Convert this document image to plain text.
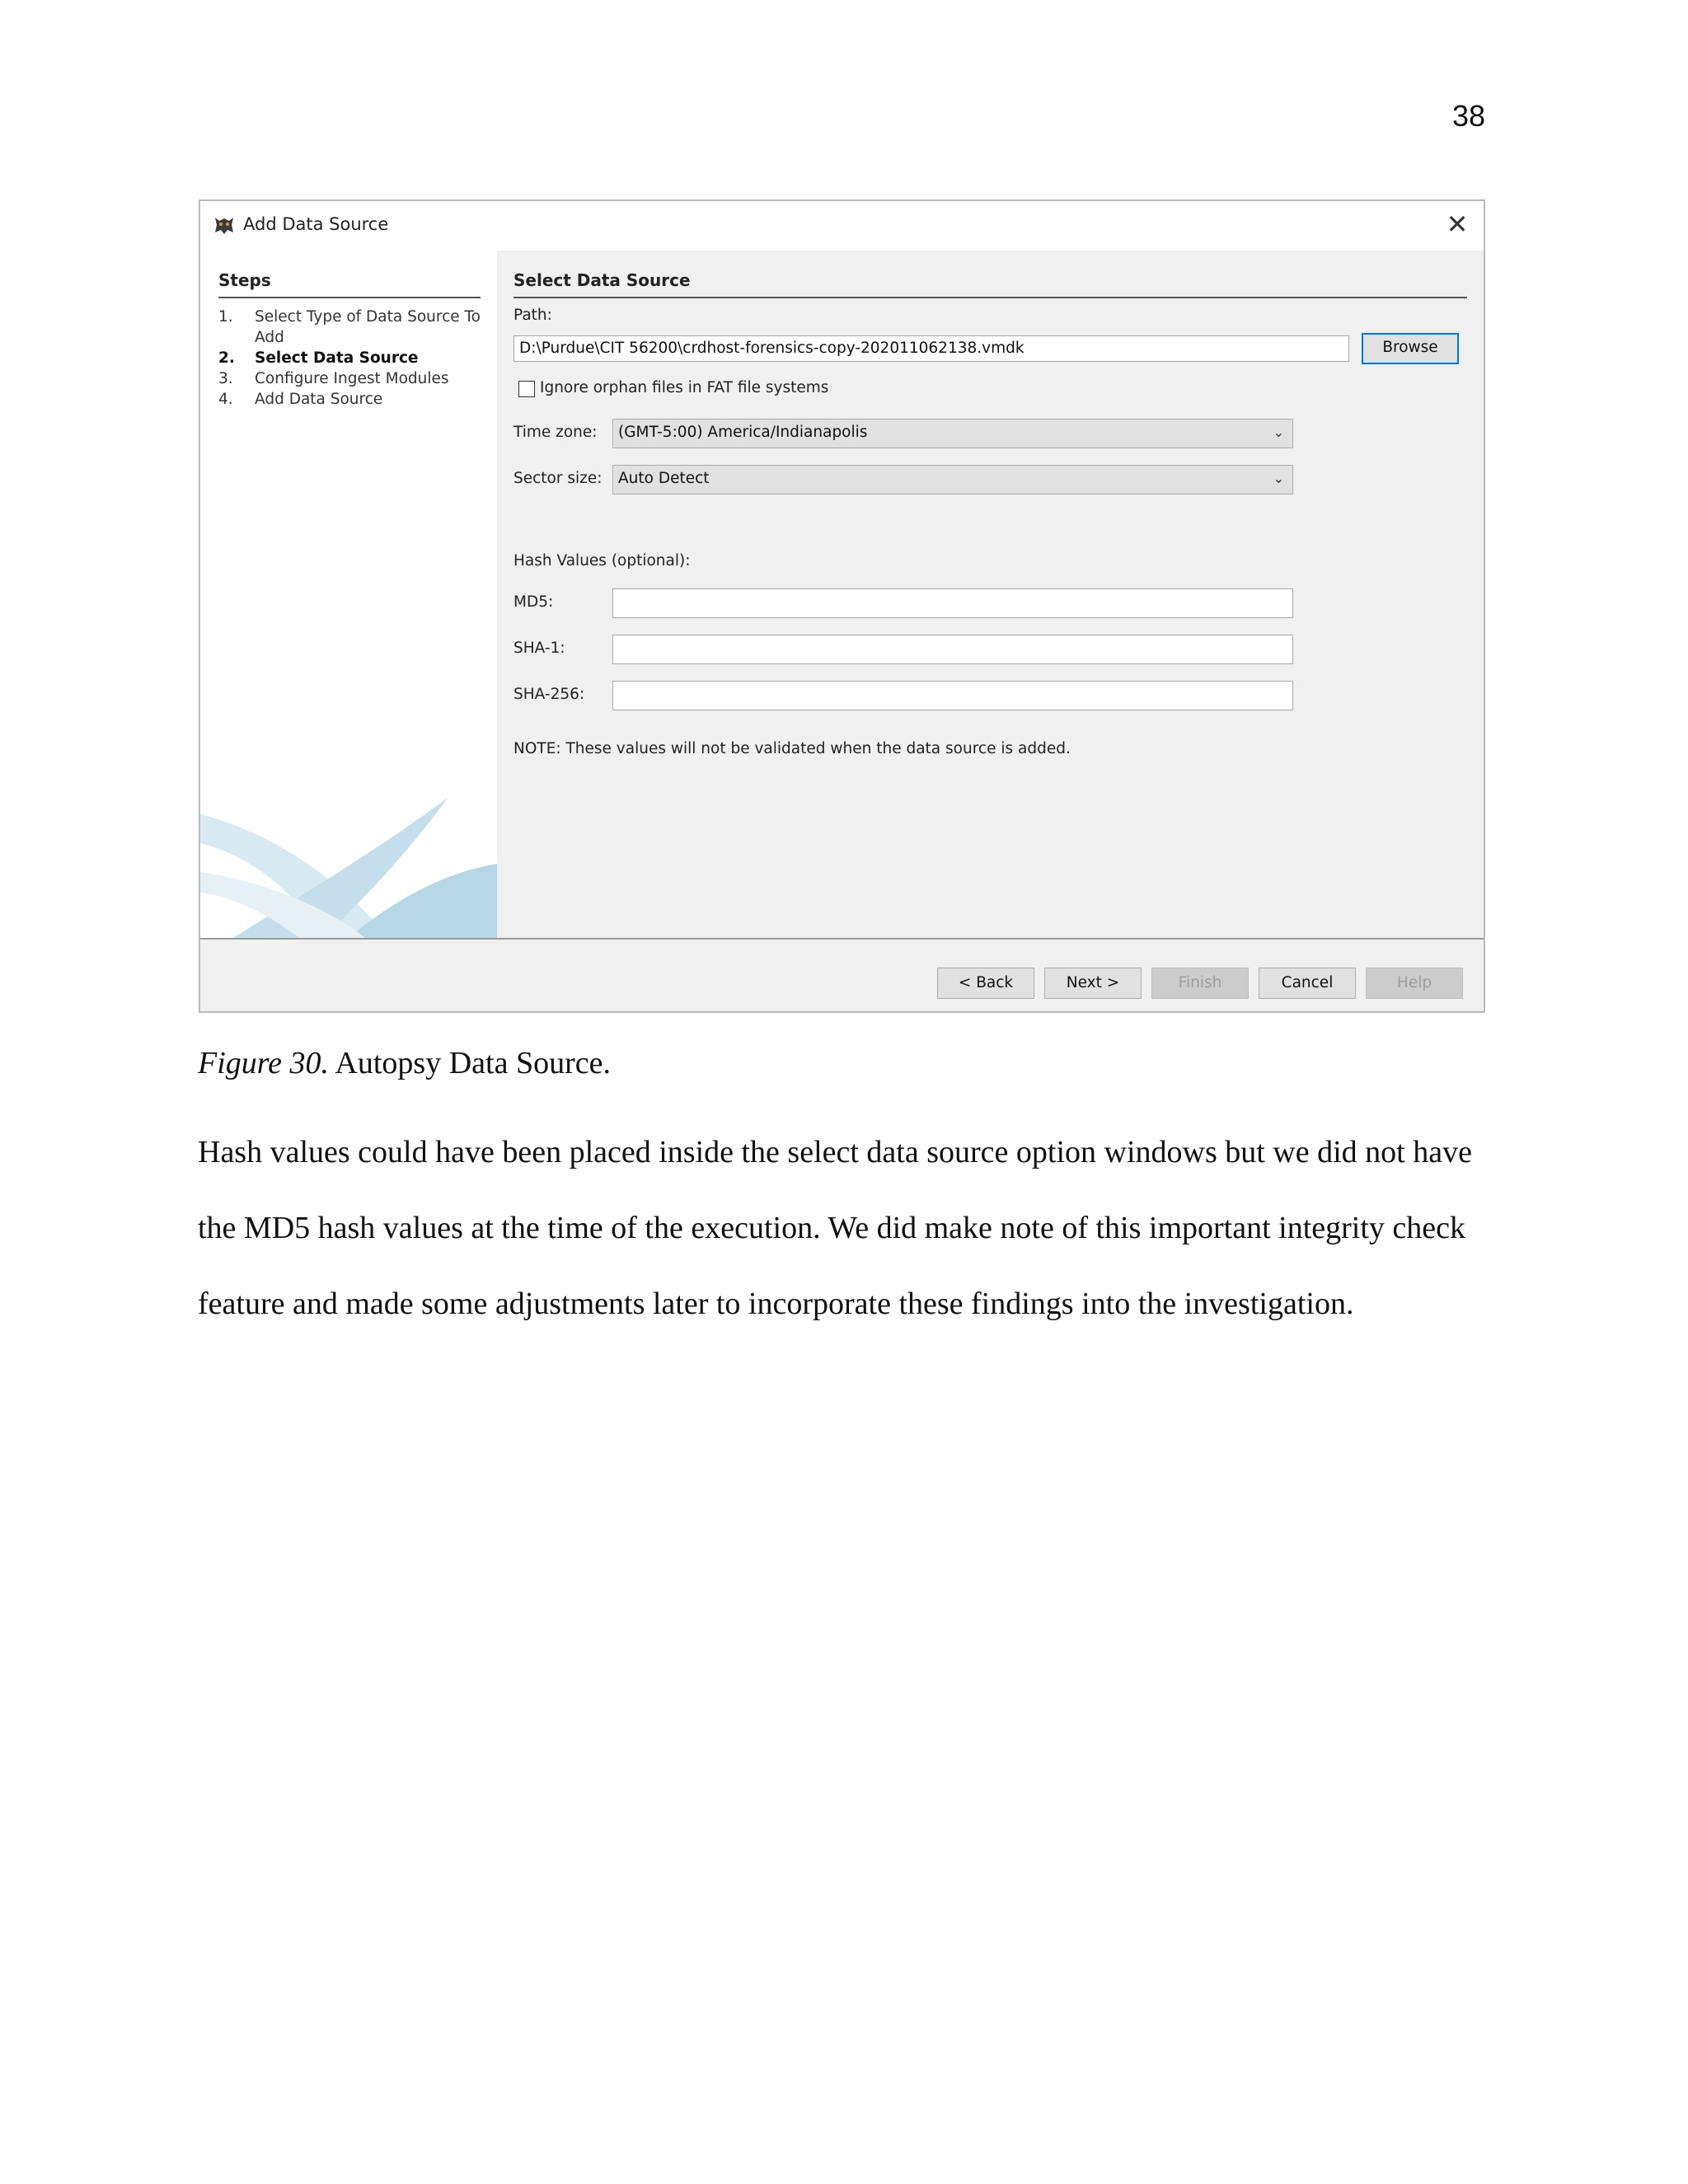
38
Add Data Source	✕
Steps
1.	Select Type of Data Source To Add
2.	Select Data Source
3.	Configure Ingest Modules
4.	Add Data Source
Select Data Source
Path:
D:\Purdue\CIT 56200\crdhost-forensics-copy-202011062138.vmdk	Browse
Ignore orphan files in FAT file systems
Time zone:	(GMT-5:00) America/Indianapolis	⌄
Sector size:	Auto Detect	⌄
Hash Values (optional):
MD5:
SHA-1:
SHA-256:
NOTE: These values will not be validated when the data source is added.
< Back	Next >	Finish	Cancel	Help
Figure 30. Autopsy Data Source.
Hash values could have been placed inside the select data source option windows but we did not have the MD5 hash values at the time of the execution. We did make note of this important integrity check feature and made some adjustments later to incorporate these findings into the investigation.
